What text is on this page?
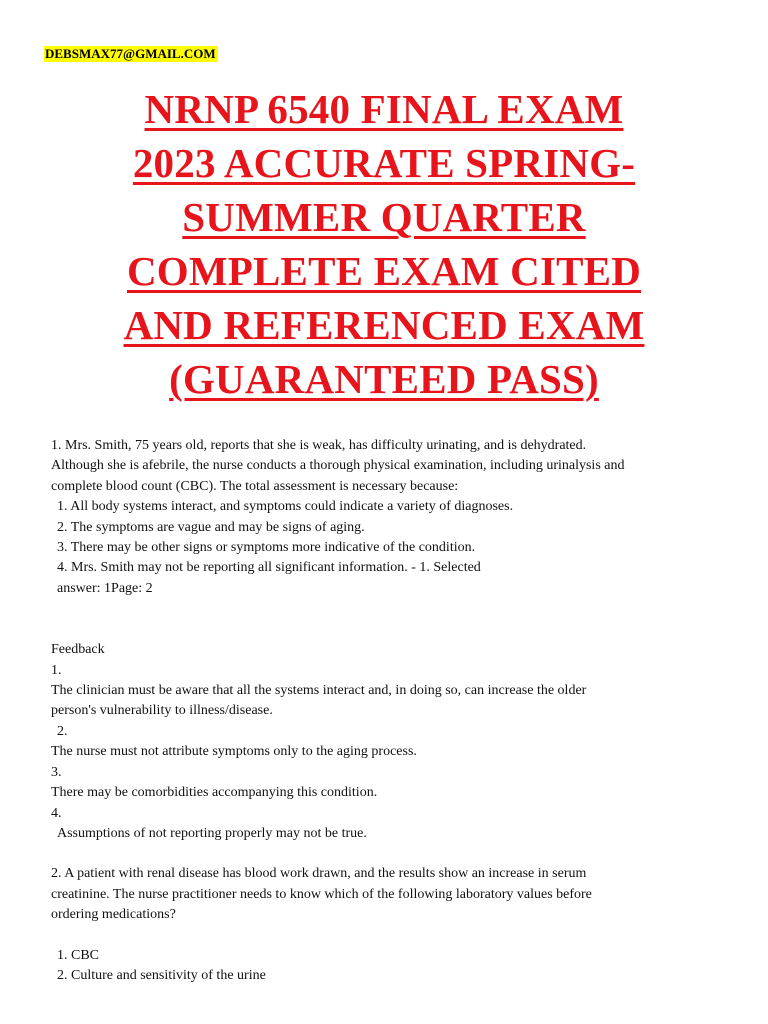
DEBSMAX77@GMAIL.COM
NRNP 6540 FINAL EXAM
2023 ACCURATE SPRING-
SUMMER QUARTER
COMPLETE EXAM CITED
AND REFERENCED EXAM
(GUARANTEED PASS)

1. Mrs. Smith, 75 years old, reports that she is weak, has difficulty urinating, and is dehydrated.

Although she is afebrile, the nurse conducts a thorough physical examination, including urinalysis and

complete blood count (CBC). The total assessment is necessary because:

1. All body systems interact, and symptoms could indicate a variety of diagnoses.

2. The symptoms are vague and may be signs of aging.

3. There may be other signs or symptoms more indicative of the condition.

4. Mrs. Smith may not be reporting all significant information. - 1. Selected

answer: 1Page: 2

Feedback

1.

The clinician must be aware that all the systems interact and, in doing so, can increase the older

person's vulnerability to illness/disease.

2.

The nurse must not attribute symptoms only to the aging process.

3.

There may be comorbidities accompanying this condition.

4.

Assumptions of not reporting properly may not be true.

2. A patient with renal disease has blood work drawn, and the results show an increase in serum

creatinine. The nurse practitioner needs to know which of the following laboratory values before

ordering medications?

1. CBC

2. Culture and sensitivity of the urine
